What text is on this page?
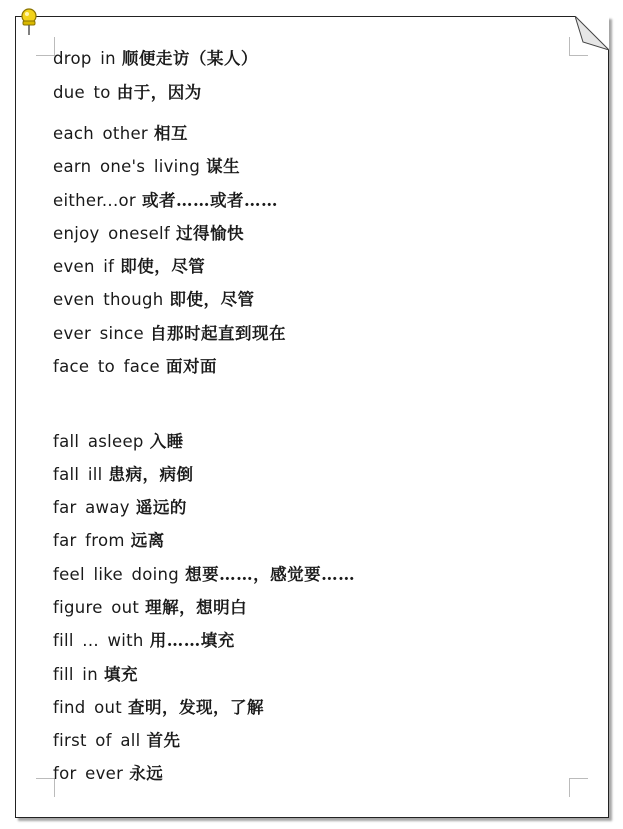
drop in 顺便走访（某人）
due to 由于，因为
each other 相互
earn one's living 谋生
either...or 或者……或者……
enjoy oneself 过得愉快
even if 即使，尽管
even though 即使，尽管
ever since 自那时起直到现在
face to face 面对面
fall asleep 入睡
fall ill 患病，病倒
far away 遥远的
far from 远离
feel like doing 想要……，感觉要……
figure out 理解，想明白
fill ... with 用……填充
fill in 填充
find out 查明，发现，了解
first of all 首先
for ever 永远
